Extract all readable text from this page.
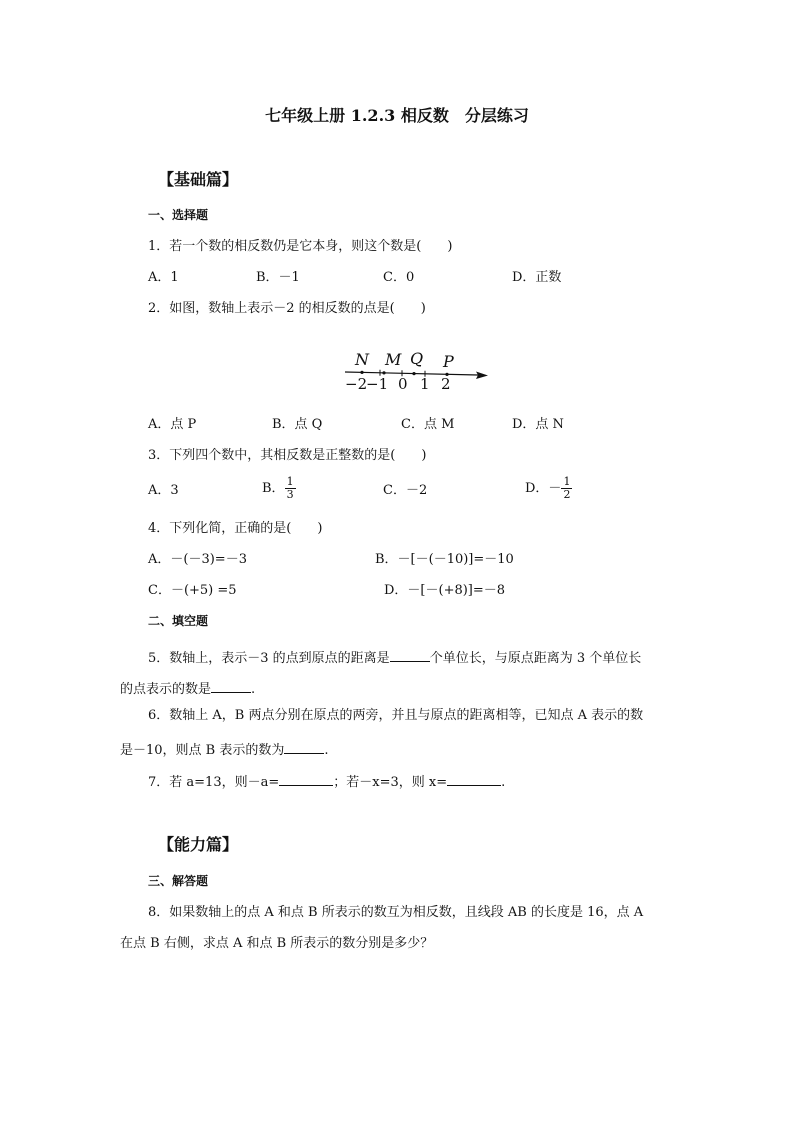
七年级上册 1.2.3 相反数　分层练习
【基础篇】
一、选择题
1．若一个数的相反数仍是它本身，则这个数是(　　)
A．1	B．－1	C．0	D．正数
2．如图，数轴上表示－2 的相反数的点是(　　)
N M Q P
−2
−1 0 1 2
A．点 P	B．点 Q	C．点 M	D．点 N
3．下列四个数中，其相反数是正整数的是(　　)
A．3	B． $\frac{1}{3}$	C．－2	D．－ $\frac{1}{2}$
4．下列化简，正确的是(　　)
A．－(－3)=－3	B．－[－(－10)]=－10
C．－(+5) =5	D．－[－(+8)]=－8
二、填空题
5．数轴上，表示－3 的点到原点的距离是	个单位长，与原点距离为 3 个单位长
的点表示的数是	.
6．数轴上 A，B 两点分别在原点的两旁，并且与原点的距离相等，已知点 A 表示的数
是－10，则点 B 表示的数为	.
7．若 a=13，则－a=	；若－x=3，则 x=	.
【能力篇】
三、解答题
8．如果数轴上的点 A 和点 B 所表示的数互为相反数，且线段 AB 的长度是 16，点 A
在点 B 右侧，求点 A 和点 B 所表示的数分别是多少？
